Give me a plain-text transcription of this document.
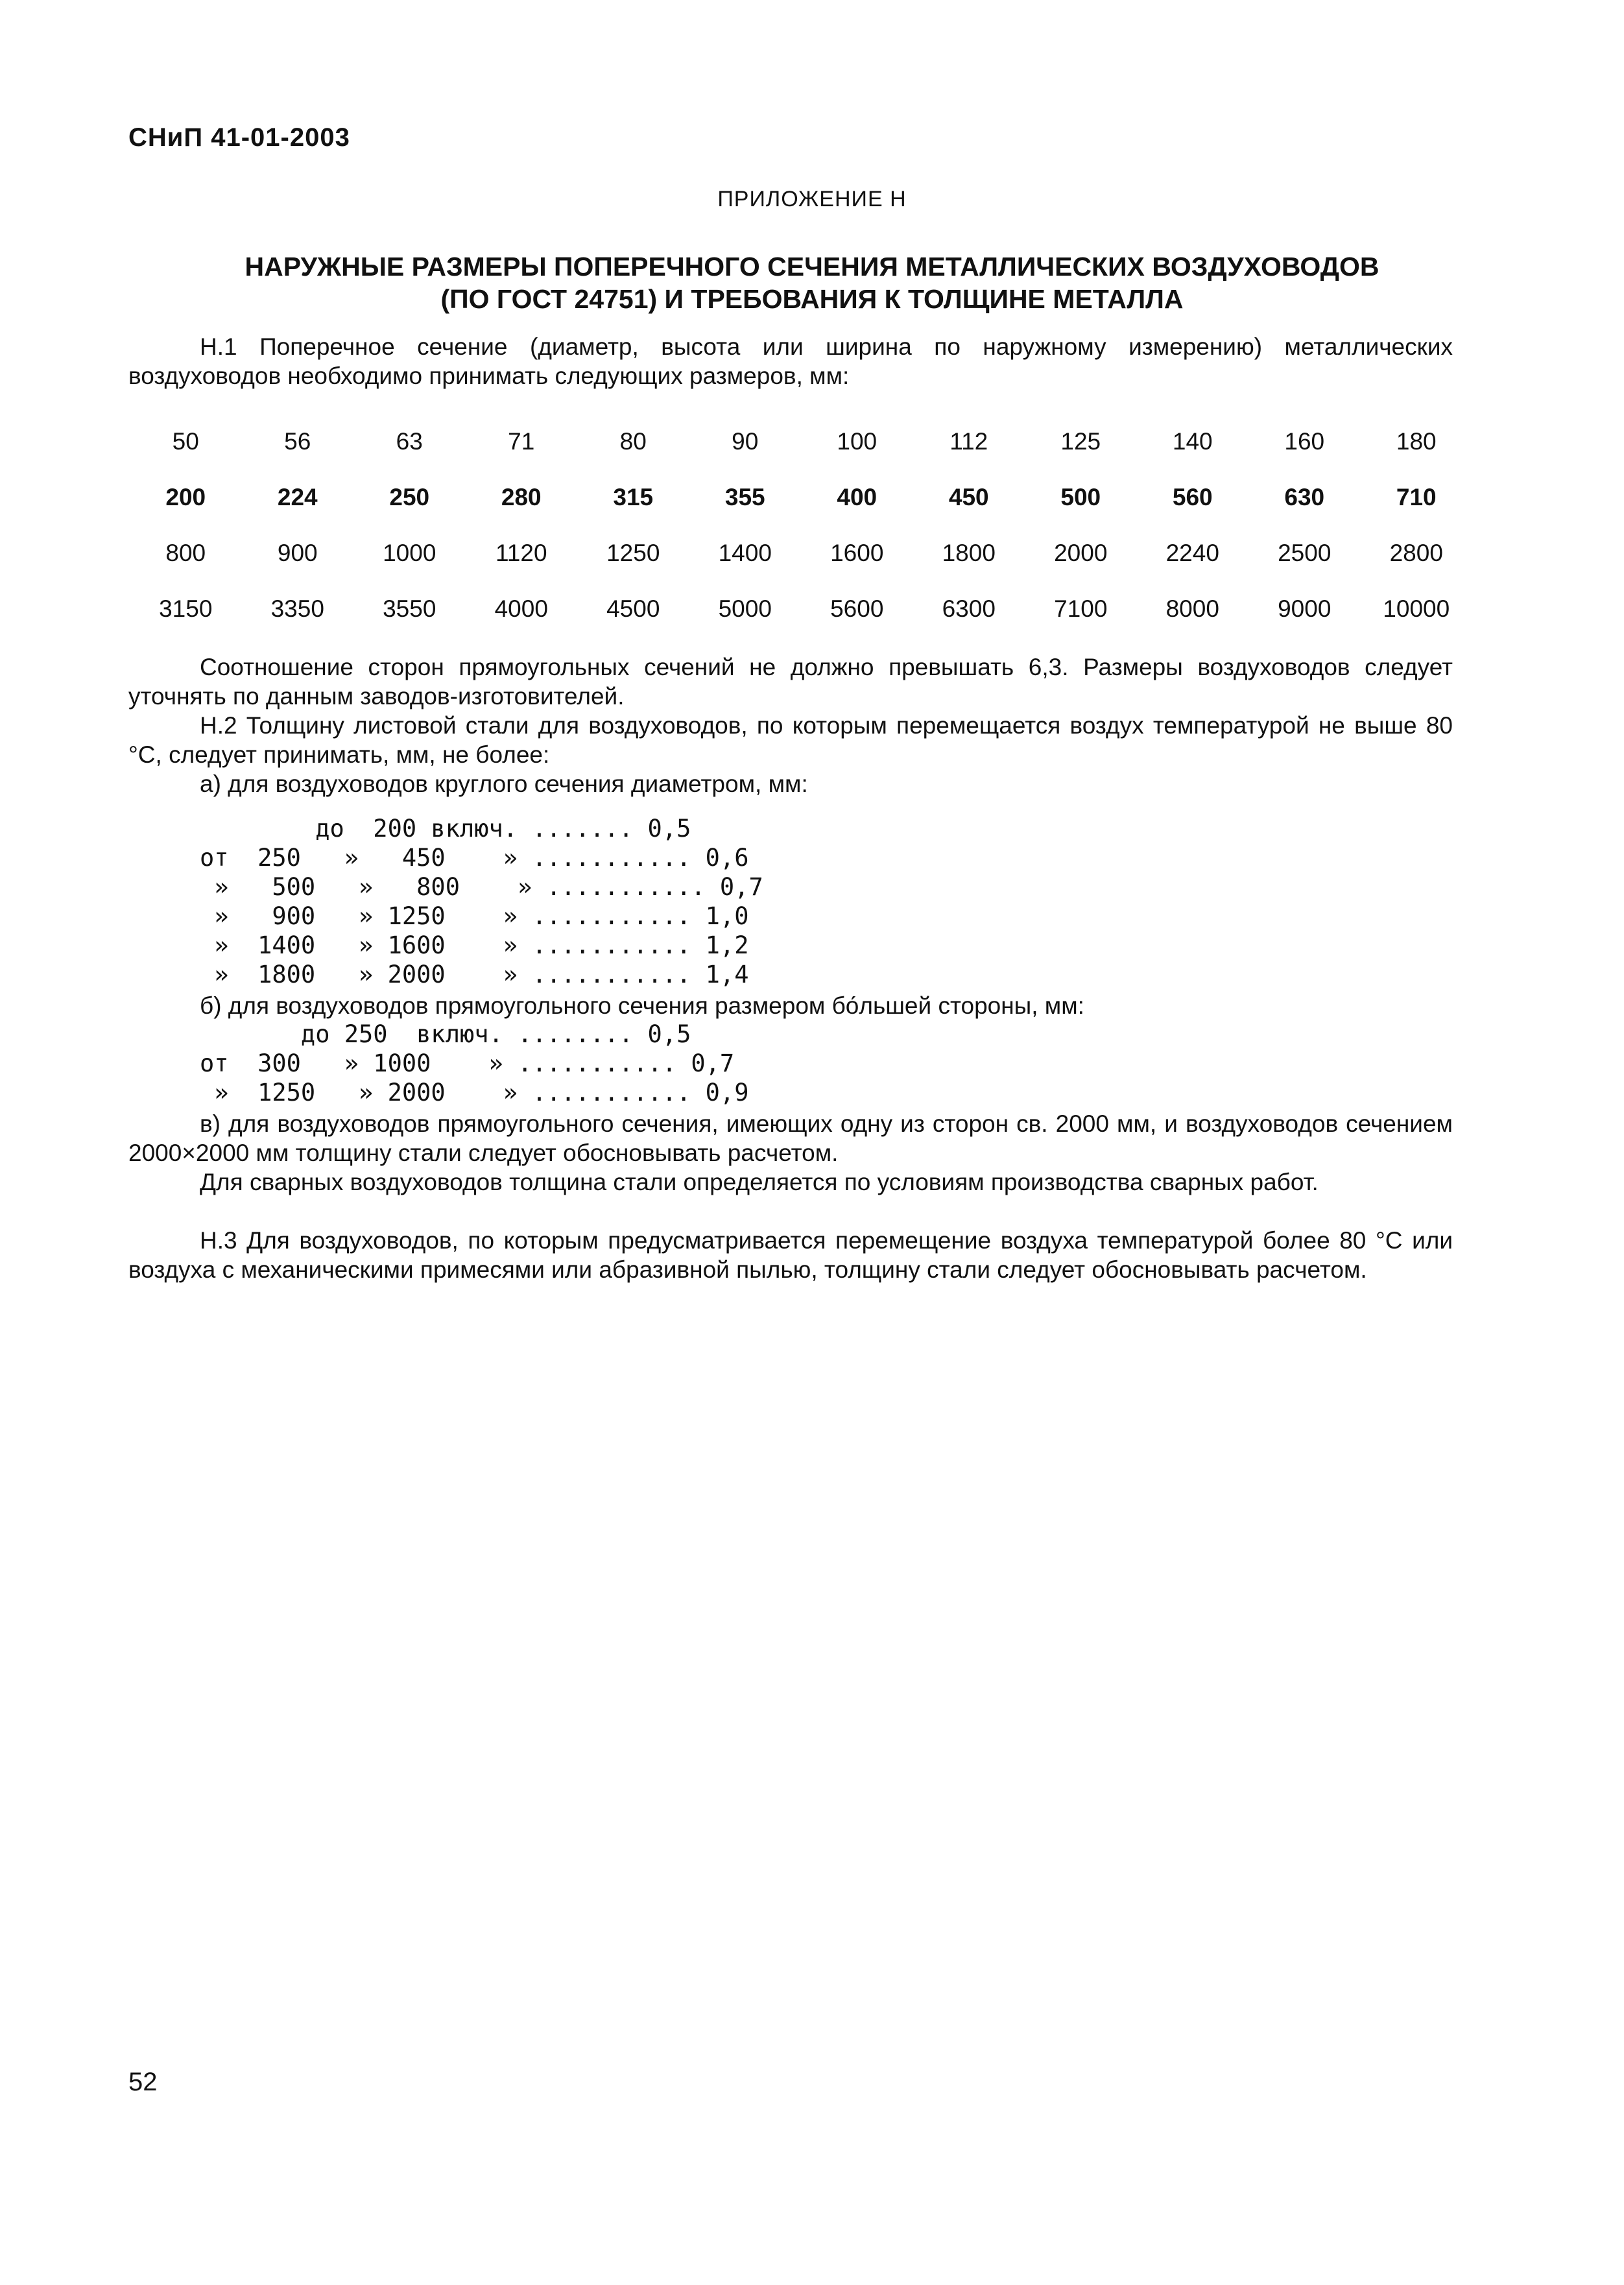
СНиП 41-01-2003
ПРИЛОЖЕНИЕ Н
НАРУЖНЫЕ РАЗМЕРЫ ПОПЕРЕЧНОГО СЕЧЕНИЯ МЕТАЛЛИЧЕСКИХ ВОЗДУХОВОДОВ
(ПО ГОСТ 24751) И ТРЕБОВАНИЯ К ТОЛЩИНЕ МЕТАЛЛА

Н.1 Поперечное сечение (диаметр, высота или ширина по наружному измерению) металлических воздуховодов необходимо принимать следующих размеров, мм:

50	56	63	71	80	90	100	112	125	140	160	180
200	224	250	280	315	355	400	450	500	560	630	710
800	900	1000	1120	1250	1400	1600	1800	2000	2240	2500	2800
3150	3350	3550	4000	4500	5000	5600	6300	7100	8000	9000	10000

Соотношение сторон прямоугольных сечений не должно превышать 6,3. Размеры воздуховодов следует уточнять по данным заводов-изготовителей.

Н.2 Толщину листовой стали для воздуховодов, по которым перемещается воздух температурой не выше 80 °С, следует принимать, мм, не более:

а) для воздуховодов круглого сечения диаметром, мм:

до  200 включ. ....... 0,5
от  250   »   450    » ........... 0,6
»   500   »   800    » ........... 0,7
»   900   » 1250    » ........... 1,0
»  1400   » 1600    » ........... 1,2
»  1800   » 2000    » ........... 1,4

б) для воздуховодов прямоугольного сечения размером бо́льшей стороны, мм:

до 250  включ. ........ 0,5
от  300   » 1000    » ........... 0,7
»  1250   » 2000    » ........... 0,9

в) для воздуховодов прямоугольного сечения, имеющих одну из сторон св. 2000 мм, и воздуховодов сечением 2000×2000 мм толщину стали следует обосновывать расчетом.

Для сварных воздуховодов толщина стали определяется по условиям производства сварных работ.

Н.3 Для воздуховодов, по которым предусматривается перемещение воздуха температурой более 80 °С или воздуха с механическими примесями или абразивной пылью, толщину стали следует обосновывать расчетом.

52
